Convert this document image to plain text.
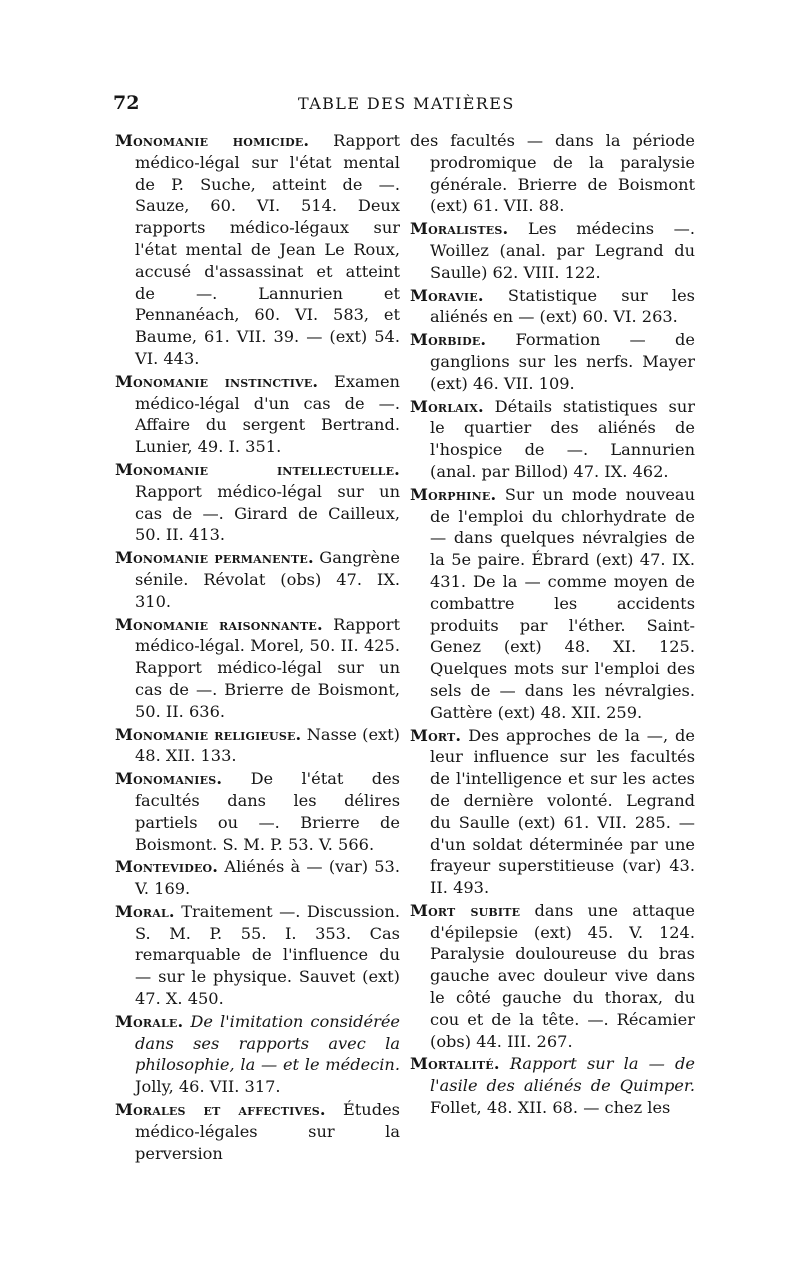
72	TABLE DES MATIÈRES
Monomanie homicide. Rapport médico-légal sur l'état mental de P. Suche, atteint de —. Sauze, 60. VI. 514. Deux rapports médico-légaux sur l'état mental de Jean Le Roux, accusé d'assassinat et atteint de —. Lannurien et Pennanéach, 60. VI. 583, et Baume, 61. VII. 39. — (ext) 54. VI. 443.
Monomanie instinctive. Examen médico-légal d'un cas de —. Affaire du sergent Bertrand. Lunier, 49. I. 351.
Monomanie intellectuelle. Rapport médico-légal sur un cas de —. Girard de Cailleux, 50. II. 413.
Monomanie permanente. Gangrène sénile. Révolat (obs) 47. IX. 310.
Monomanie raisonnante. Rapport médico-légal. Morel, 50. II. 425. Rapport médico-légal sur un cas de —. Brierre de Boismont, 50. II. 636.
Monomanie religieuse. Nasse (ext) 48. XII. 133.
Monomanies. De l'état des facultés dans les délires partiels ou —. Brierre de Boismont. S. M. P. 53. V. 566.
Montevideo. Aliénés à — (var) 53. V. 169.
Moral. Traitement —. Discussion. S. M. P. 55. I. 353. Cas remarquable de l'influence du — sur le physique. Sauvet (ext) 47. X. 450.
Morale. De l'imitation considérée dans ses rapports avec la philosophie, la — et le médecin. Jolly, 46. VII. 317.
Morales et affectives. Études médico-légales sur la perversion
des facultés — dans la période prodromique de la paralysie générale. Brierre de Boismont (ext) 61. VII. 88.
Moralistes. Les médecins —. Woillez (anal. par Legrand du Saulle) 62. VIII. 122.
Moravie. Statistique sur les aliénés en — (ext) 60. VI. 263.
Morbide. Formation — de ganglions sur les nerfs. Mayer (ext) 46. VII. 109.
Morlaix. Détails statistiques sur le quartier des aliénés de l'hospice de —. Lannurien (anal. par Billod) 47. IX. 462.
Morphine. Sur un mode nouveau de l'emploi du chlorhydrate de — dans quelques névralgies de la 5e paire. Ébrard (ext) 47. IX. 431. De la — comme moyen de combattre les accidents produits par l'éther. Saint-Genez (ext) 48. XI. 125. Quelques mots sur l'emploi des sels de — dans les névralgies. Gattère (ext) 48. XII. 259.
Mort. Des approches de la —, de leur influence sur les facultés de l'intelligence et sur les actes de dernière volonté. Legrand du Saulle (ext) 61. VII. 285. — d'un soldat déterminée par une frayeur superstitieuse (var) 43. II. 493.
Mort subite dans une attaque d'épilepsie (ext) 45. V. 124. Paralysie douloureuse du bras gauche avec douleur vive dans le côté gauche du thorax, du cou et de la tête. —. Récamier (obs) 44. III. 267.
Mortalité. Rapport sur la — de l'asile des aliénés de Quimper. Follet, 48. XII. 68. — chez les
